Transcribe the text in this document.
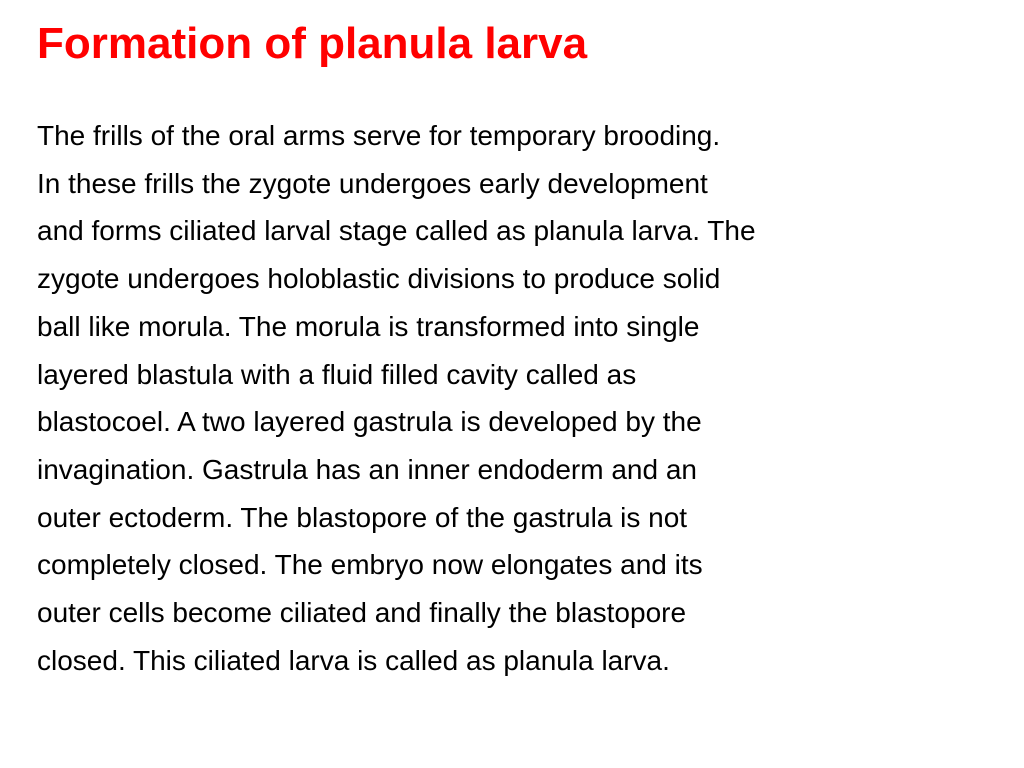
Formation of planula larva
The frills of the oral arms serve for temporary brooding.
In these frills the zygote undergoes early development
and forms ciliated larval stage called as planula larva. The
zygote undergoes holoblastic divisions to produce solid
ball like morula. The morula is transformed into single
layered blastula with a fluid filled cavity called as
blastocoel. A two layered gastrula is developed by the
invagination. Gastrula has an inner endoderm and an
outer ectoderm. The blastopore of the gastrula is not
completely closed. The embryo now elongates and its
outer cells become ciliated and finally the blastopore
closed. This ciliated larva is called as planula larva.
